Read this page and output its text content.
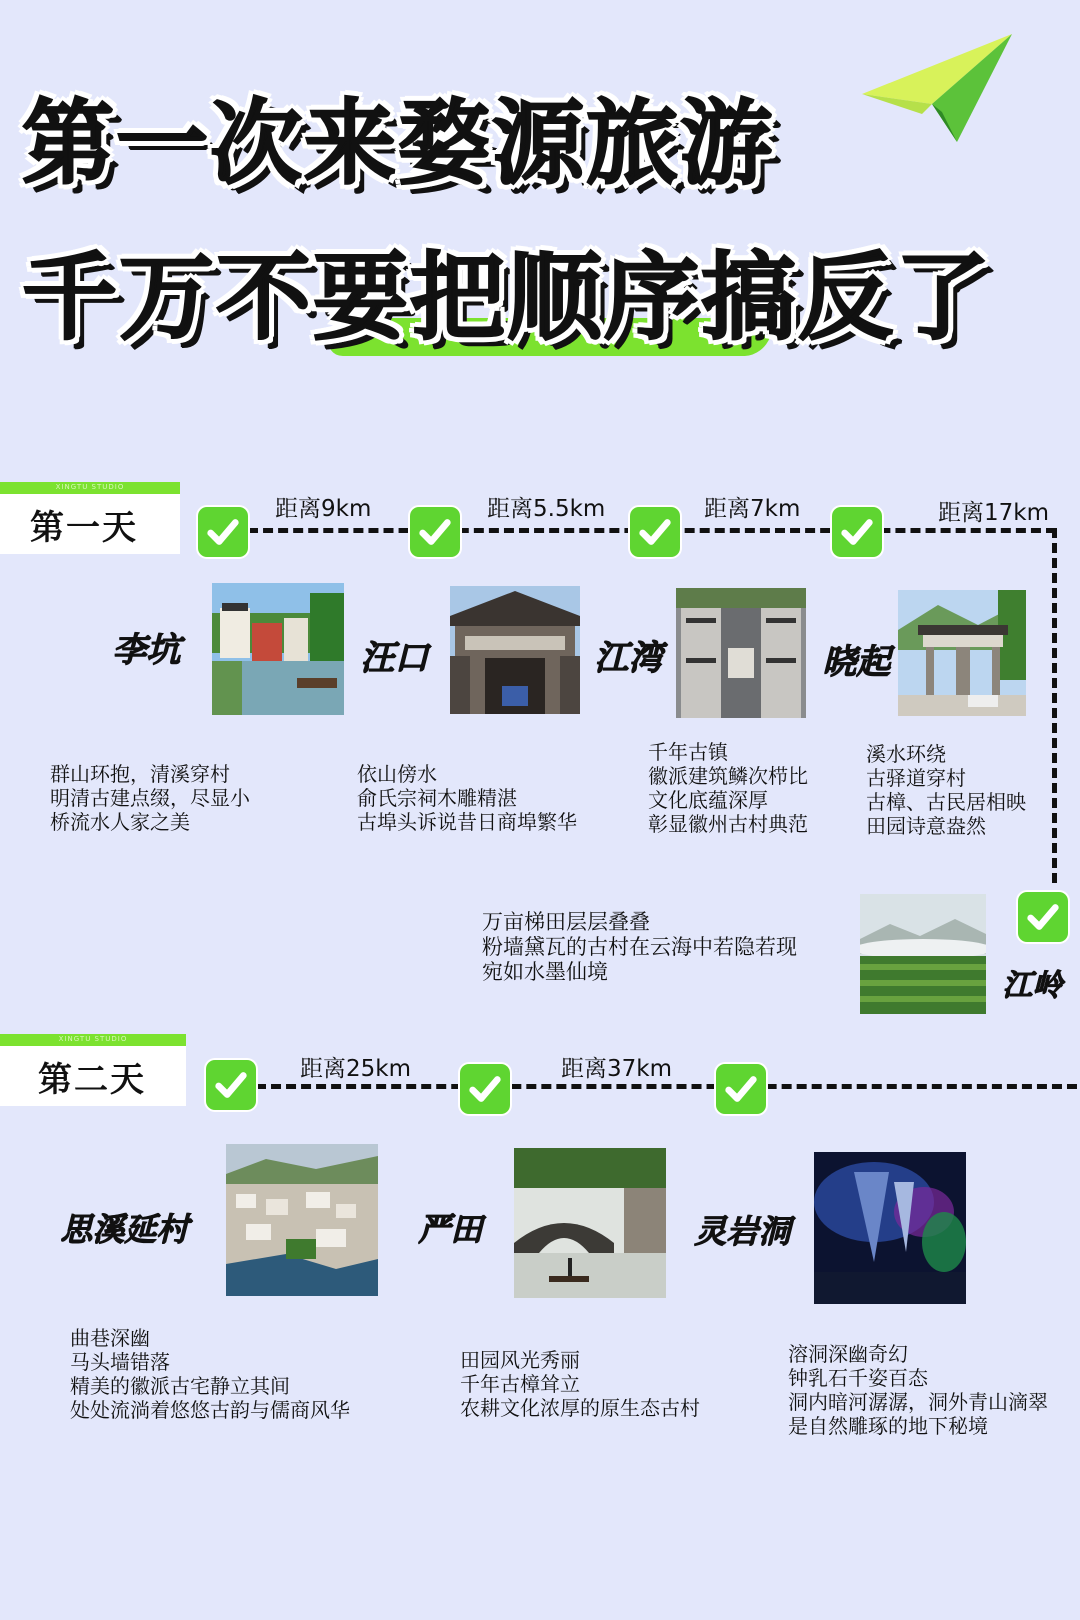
第一次来婺源旅游
千万不要把顺序搞反了
XINGTU STUDIO
第一天	距离9km	距离5.5km	距离7km	距离17km
李坑
群山环抱，清溪穿村
明清古建点缀，尽显小
桥流水人家之美
汪口
依山傍水
俞氏宗祠木雕精湛
古埠头诉说昔日商埠繁华
江湾
千年古镇
徽派建筑鳞次栉比
文化底蕴深厚
彰显徽州古村典范
晓起
溪水环绕
古驿道穿村
古樟、古民居相映
田园诗意盎然
万亩梯田层层叠叠
粉墙黛瓦的古村在云海中若隐若现
宛如水墨仙境	江岭
XINGTU STUDIO
第二天	距离25km	距离37km
思溪延村
曲巷深幽
马头墙错落
精美的徽派古宅静立其间
处处流淌着悠悠古韵与儒商风华
严田
田园风光秀丽
千年古樟耸立
农耕文化浓厚的原生态古村
灵岩洞
溶洞深幽奇幻
钟乳石千姿百态
洞内暗河潺潺，洞外青山滴翠
是自然雕琢的地下秘境
